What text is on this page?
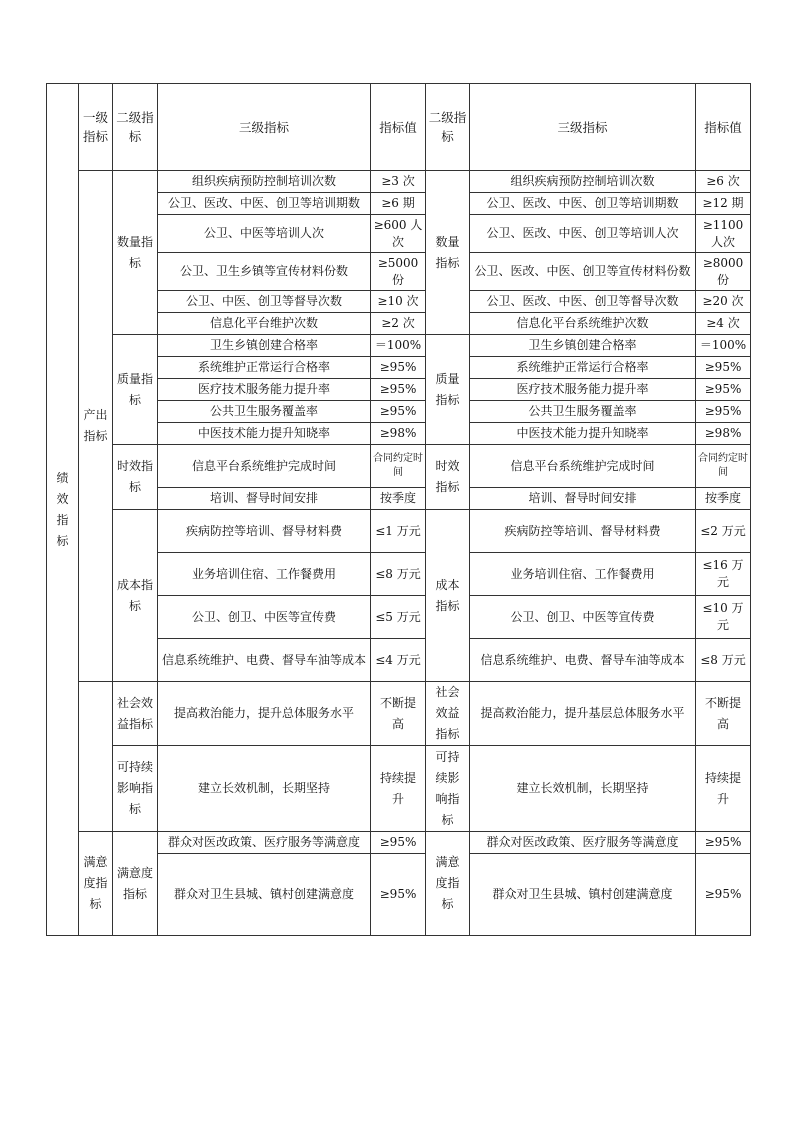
绩效指标	一级指标	二级指标	三级指标	指标值	二级指标	三级指标	指标值
	产出指标	数量指标	组织疾病预防控制培训次数	≥3 次	数量指标	组织疾病预防控制培训次数	≥6 次
			公卫、医改、中医、创卫等培训期数	≥6 期		公卫、医改、中医、创卫等培训期数	≥12 期
			公卫、中医等培训人次	≥600 人次		公卫、医改、中医、创卫等培训人次	≥1100 人次
			公卫、卫生乡镇等宣传材料份数	≥5000 份		公卫、医改、中医、创卫等宣传材料份数	≥8000 份
			公卫、中医、创卫等督导次数	≥10 次		公卫、医改、中医、创卫等督导次数	≥20 次
			信息化平台维护次数	≥2 次		信息化平台系统维护次数	≥4 次
		质量指标	卫生乡镇创建合格率	＝100%	质量指标	卫生乡镇创建合格率	＝100%
			系统维护正常运行合格率	≥95%		系统维护正常运行合格率	≥95%
			医疗技术服务能力提升率	≥95%		医疗技术服务能力提升率	≥95%
			公共卫生服务覆盖率	≥95%		公共卫生服务覆盖率	≥95%
			中医技术能力提升知晓率	≥98%		中医技术能力提升知晓率	≥98%
		时效指标	信息平台系统维护完成时间	合同约定时间	时效指标	信息平台系统维护完成时间	合同约定时间
			培训、督导时间安排	按季度		培训、督导时间安排	按季度
		成本指标	疾病防控等培训、督导材料费	≤1 万元	成本指标	疾病防控等培训、督导材料费	≤2 万元
			业务培训住宿、工作餐费用	≤8 万元		业务培训住宿、工作餐费用	≤16 万元
			公卫、创卫、中医等宣传费	≤5 万元		公卫、创卫、中医等宣传费	≤10 万元
			信息系统维护、电费、督导车油等成本	≤4 万元		信息系统维护、电费、督导车油等成本	≤8 万元
		社会效益指标	提高救治能力，提升总体服务水平	不断提高	社会效益指标	提高救治能力，提升基层总体服务水平	不断提高
		可持续影响指标	建立长效机制，长期坚持	持续提升	可持续影响指标	建立长效机制，长期坚持	持续提升
	满意度指标	满意度指标	群众对医改政策、医疗服务等满意度	≥95%	满意度指标	群众对医改政策、医疗服务等满意度	≥95%
			群众对卫生县城、镇村创建满意度	≥95%		群众对卫生县城、镇村创建满意度	≥95%
